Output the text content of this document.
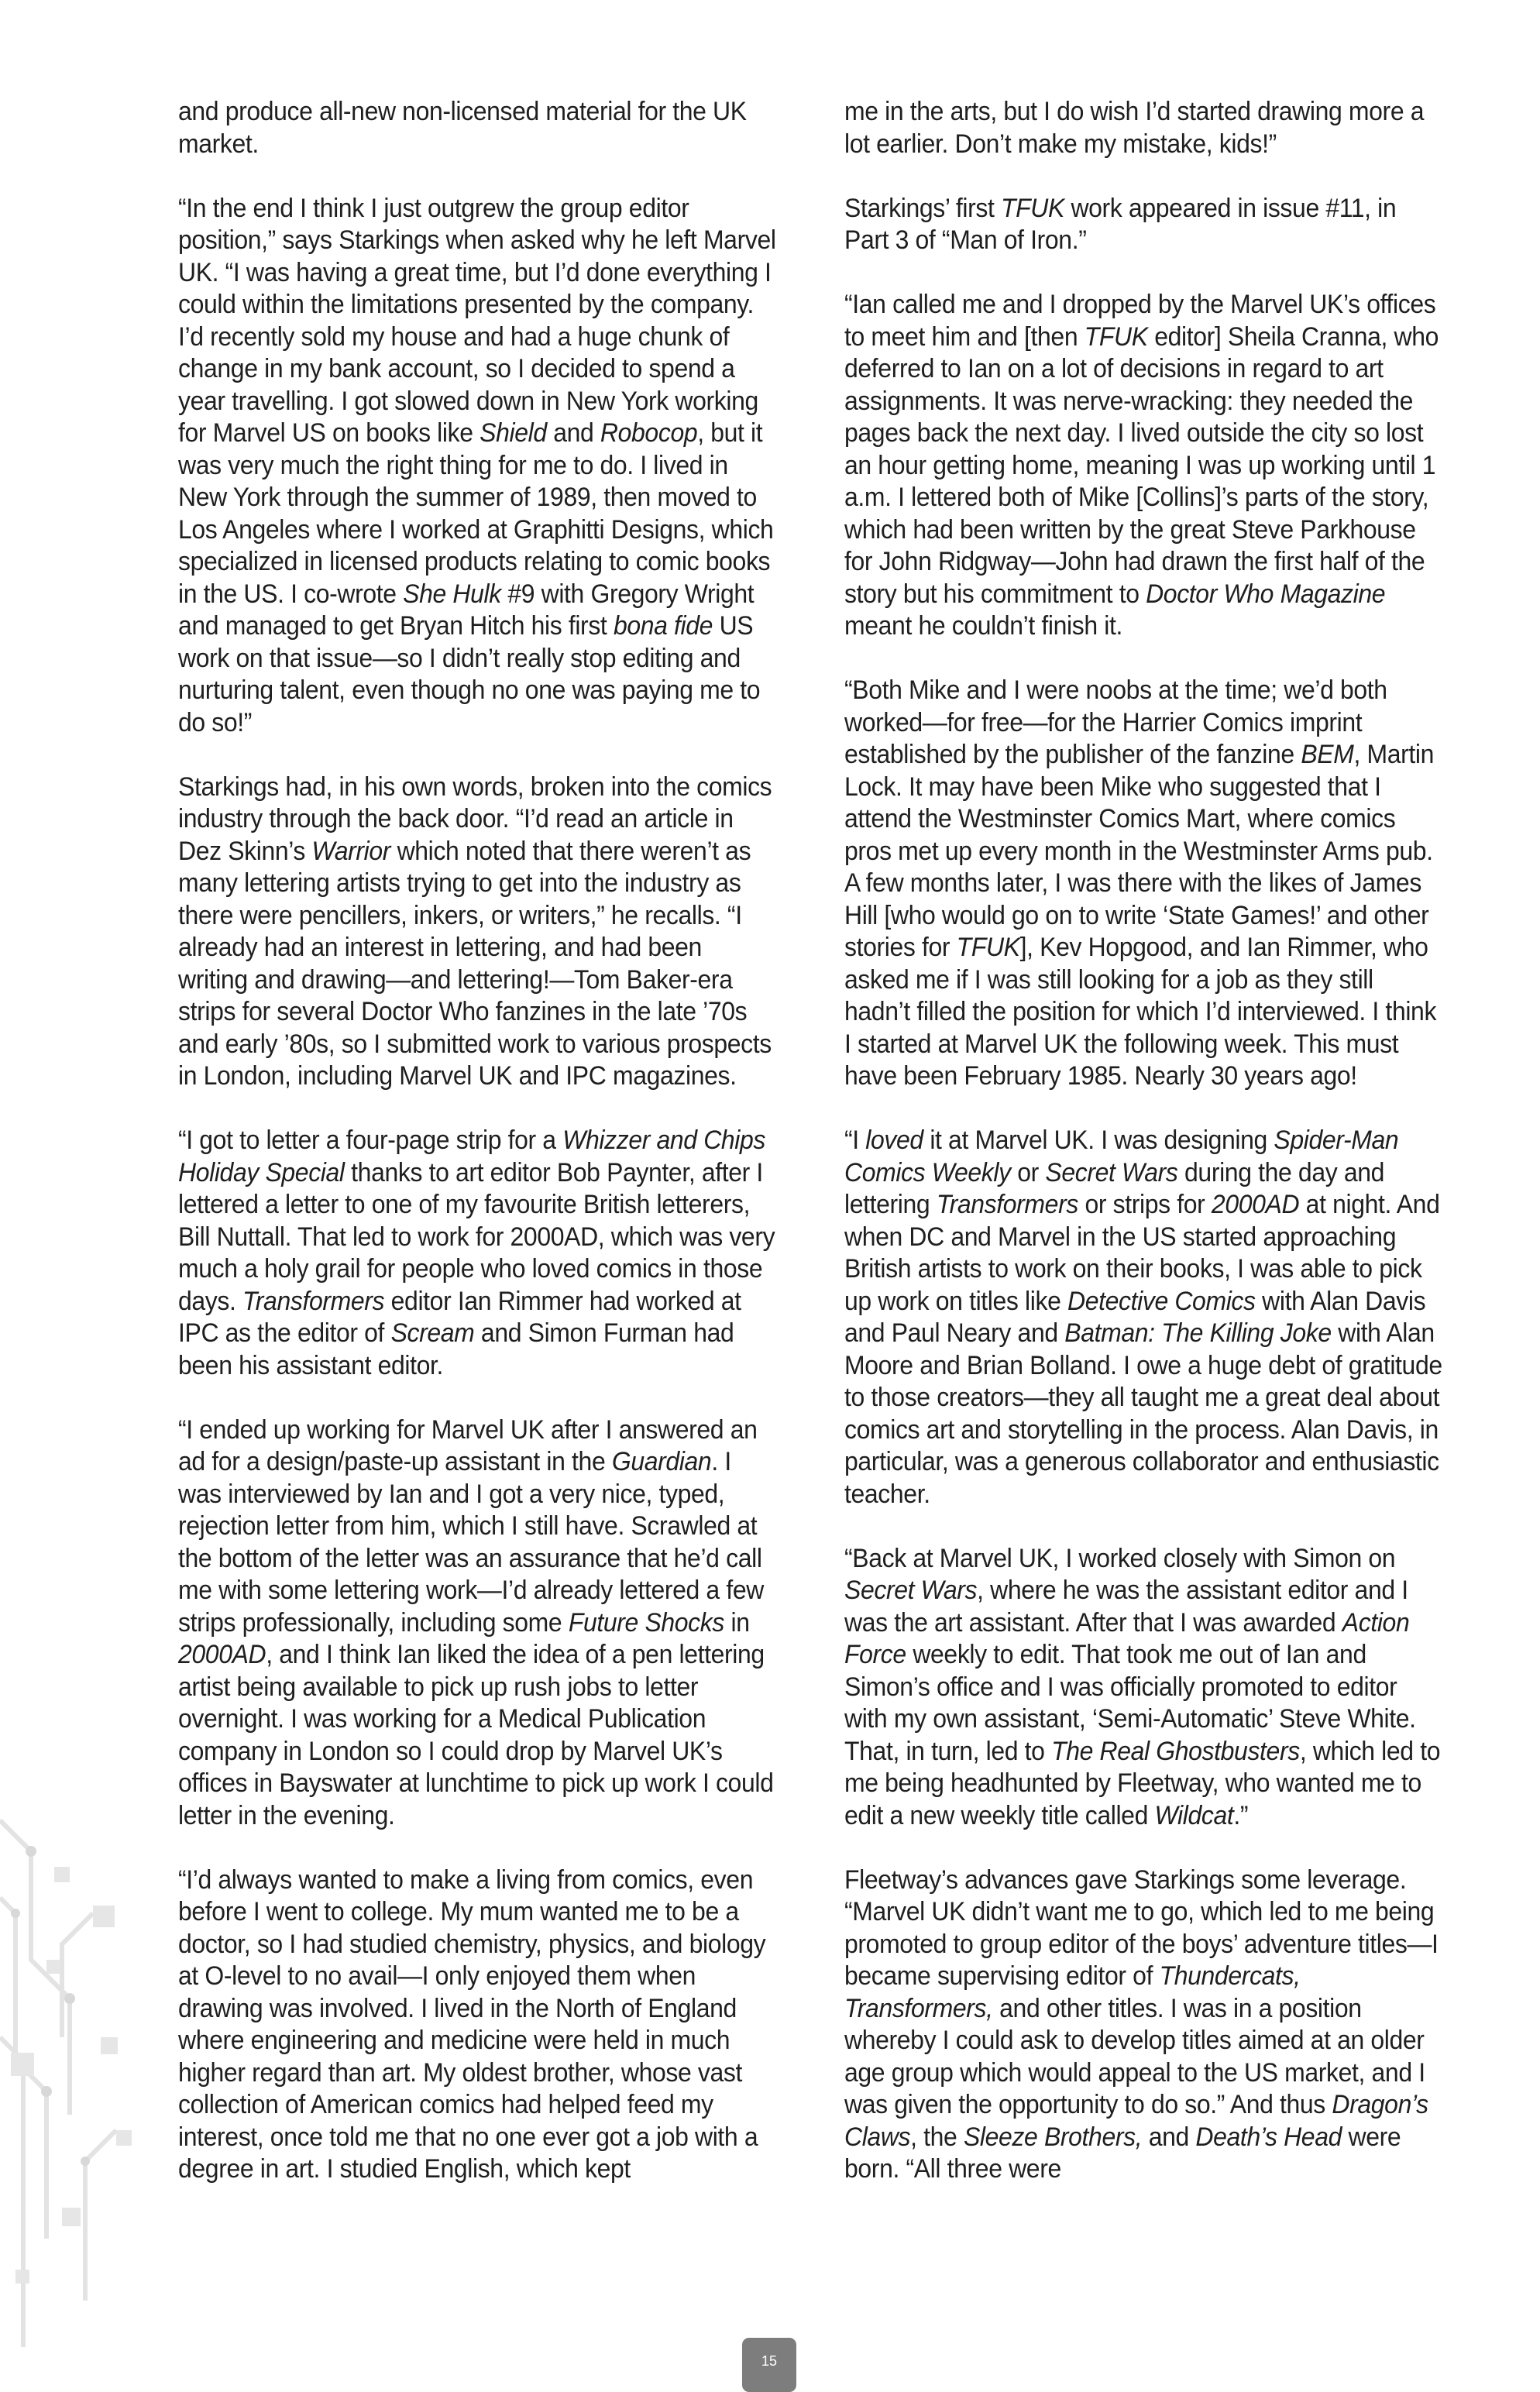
and produce all-new non-licensed material for the UK market.

“In the end I think I just outgrew the group editor position,” says Starkings when asked why he left Marvel UK. “I was having a great time, but I’d done everything I could within the limitations presented by the company. I’d recently sold my house and had a huge chunk of change in my bank account, so I decided to spend a year travelling. I got slowed down in New York working for Marvel US on books like Shield and Robocop, but it was very much the right thing for me to do. I lived in New York through the summer of 1989, then moved to Los Angeles where I worked at Graphitti Designs, which specialized in licensed products relating to comic books in the US. I co-wrote She Hulk #9 with Gregory Wright and managed to get Bryan Hitch his first bona fide US work on that issue—so I didn’t really stop editing and nurturing talent, even though no one was paying me to do so!”

Starkings had, in his own words, broken into the comics industry through the back door. “I’d read an article in Dez Skinn’s Warrior which noted that there weren’t as many lettering artists trying to get into the industry as there were pencillers, inkers, or writers,” he recalls. “I already had an interest in lettering, and had been writing and drawing—and lettering!—Tom Baker-era strips for several Doctor Who fanzines in the late ’70s and early ’80s, so I submitted work to various prospects in London, including Marvel UK and IPC magazines.

“I got to letter a four-page strip for a Whizzer and Chips Holiday Special thanks to art editor Bob Paynter, after I lettered a letter to one of my favourite British letterers, Bill Nuttall. That led to work for 2000AD, which was very much a holy grail for people who loved comics in those days. Transformers editor Ian Rimmer had worked at IPC as the editor of Scream and Simon Furman had been his assistant editor.

“I ended up working for Marvel UK after I answered an ad for a design/paste-up assistant in the Guardian. I was interviewed by Ian and I got a very nice, typed, rejection letter from him, which I still have. Scrawled at the bottom of the letter was an assurance that he’d call me with some lettering work—I’d already lettered a few strips professionally, including some Future Shocks in 2000AD, and I think Ian liked the idea of a pen lettering artist being available to pick up rush jobs to letter overnight. I was working for a Medical Publication company in London so I could drop by Marvel UK’s offices in Bayswater at lunchtime to pick up work I could letter in the evening.

“I’d always wanted to make a living from comics, even before I went to college. My mum wanted me to be a doctor, so I had studied chemistry, physics, and biology at O-level to no avail—I only enjoyed them when drawing was involved. I lived in the North of England where engineering and medicine were held in much higher regard than art. My oldest brother, whose vast collection of American comics had helped feed my interest, once told me that no one ever got a job with a degree in art. I studied English, which kept

me in the arts, but I do wish I’d started drawing more a lot earlier. Don’t make my mistake, kids!”

Starkings’ first TFUK work appeared in issue #11, in Part 3 of “Man of Iron.”

“Ian called me and I dropped by the Marvel UK’s offices to meet him and [then TFUK editor] Sheila Cranna, who deferred to Ian on a lot of decisions in regard to art assignments. It was nerve-wracking: they needed the pages back the next day. I lived outside the city so lost an hour getting home, meaning I was up working until 1 a.m. I lettered both of Mike [Collins]’s parts of the story, which had been written by the great Steve Parkhouse for John Ridgway—John had drawn the first half of the story but his commitment to Doctor Who Magazine meant he couldn’t finish it.

“Both Mike and I were noobs at the time; we’d both worked—for free—for the Harrier Comics imprint established by the publisher of the fanzine BEM, Martin Lock. It may have been Mike who suggested that I attend the Westminster Comics Mart, where comics pros met up every month in the Westminster Arms pub. A few months later, I was there with the likes of James Hill [who would go on to write ‘State Games!’ and other stories for TFUK], Kev Hopgood, and Ian Rimmer, who asked me if I was still looking for a job as they still hadn’t filled the position for which I’d interviewed. I think I started at Marvel UK the following week. This must have been February 1985. Nearly 30 years ago!

“I loved it at Marvel UK. I was designing Spider-Man Comics Weekly or Secret Wars during the day and lettering Transformers or strips for 2000AD at night. And when DC and Marvel in the US started approaching British artists to work on their books, I was able to pick up work on titles like Detective Comics with Alan Davis and Paul Neary and Batman: The Killing Joke with Alan Moore and Brian Bolland. I owe a huge debt of gratitude to those creators—they all taught me a great deal about comics art and storytelling in the process. Alan Davis, in particular, was a generous collaborator and enthusiastic teacher.

“Back at Marvel UK, I worked closely with Simon on Secret Wars, where he was the assistant editor and I was the art assistant. After that I was awarded Action Force weekly to edit. That took me out of Ian and Simon’s office and I was officially promoted to editor with my own assistant, ‘Semi-Automatic’ Steve White. That, in turn, led to The Real Ghostbusters, which led to me being headhunted by Fleetway, who wanted me to edit a new weekly title called Wildcat.”

Fleetway’s advances gave Starkings some leverage. “Marvel UK didn’t want me to go, which led to me being promoted to group editor of the boys’ adventure titles—I became supervising editor of Thundercats, Transformers, and other titles. I was in a position whereby I could ask to develop titles aimed at an older age group which would appeal to the US market, and I was given the opportunity to do so.” And thus Dragon’s Claws, the Sleeze Brothers, and Death’s Head were born. “All three were

15
